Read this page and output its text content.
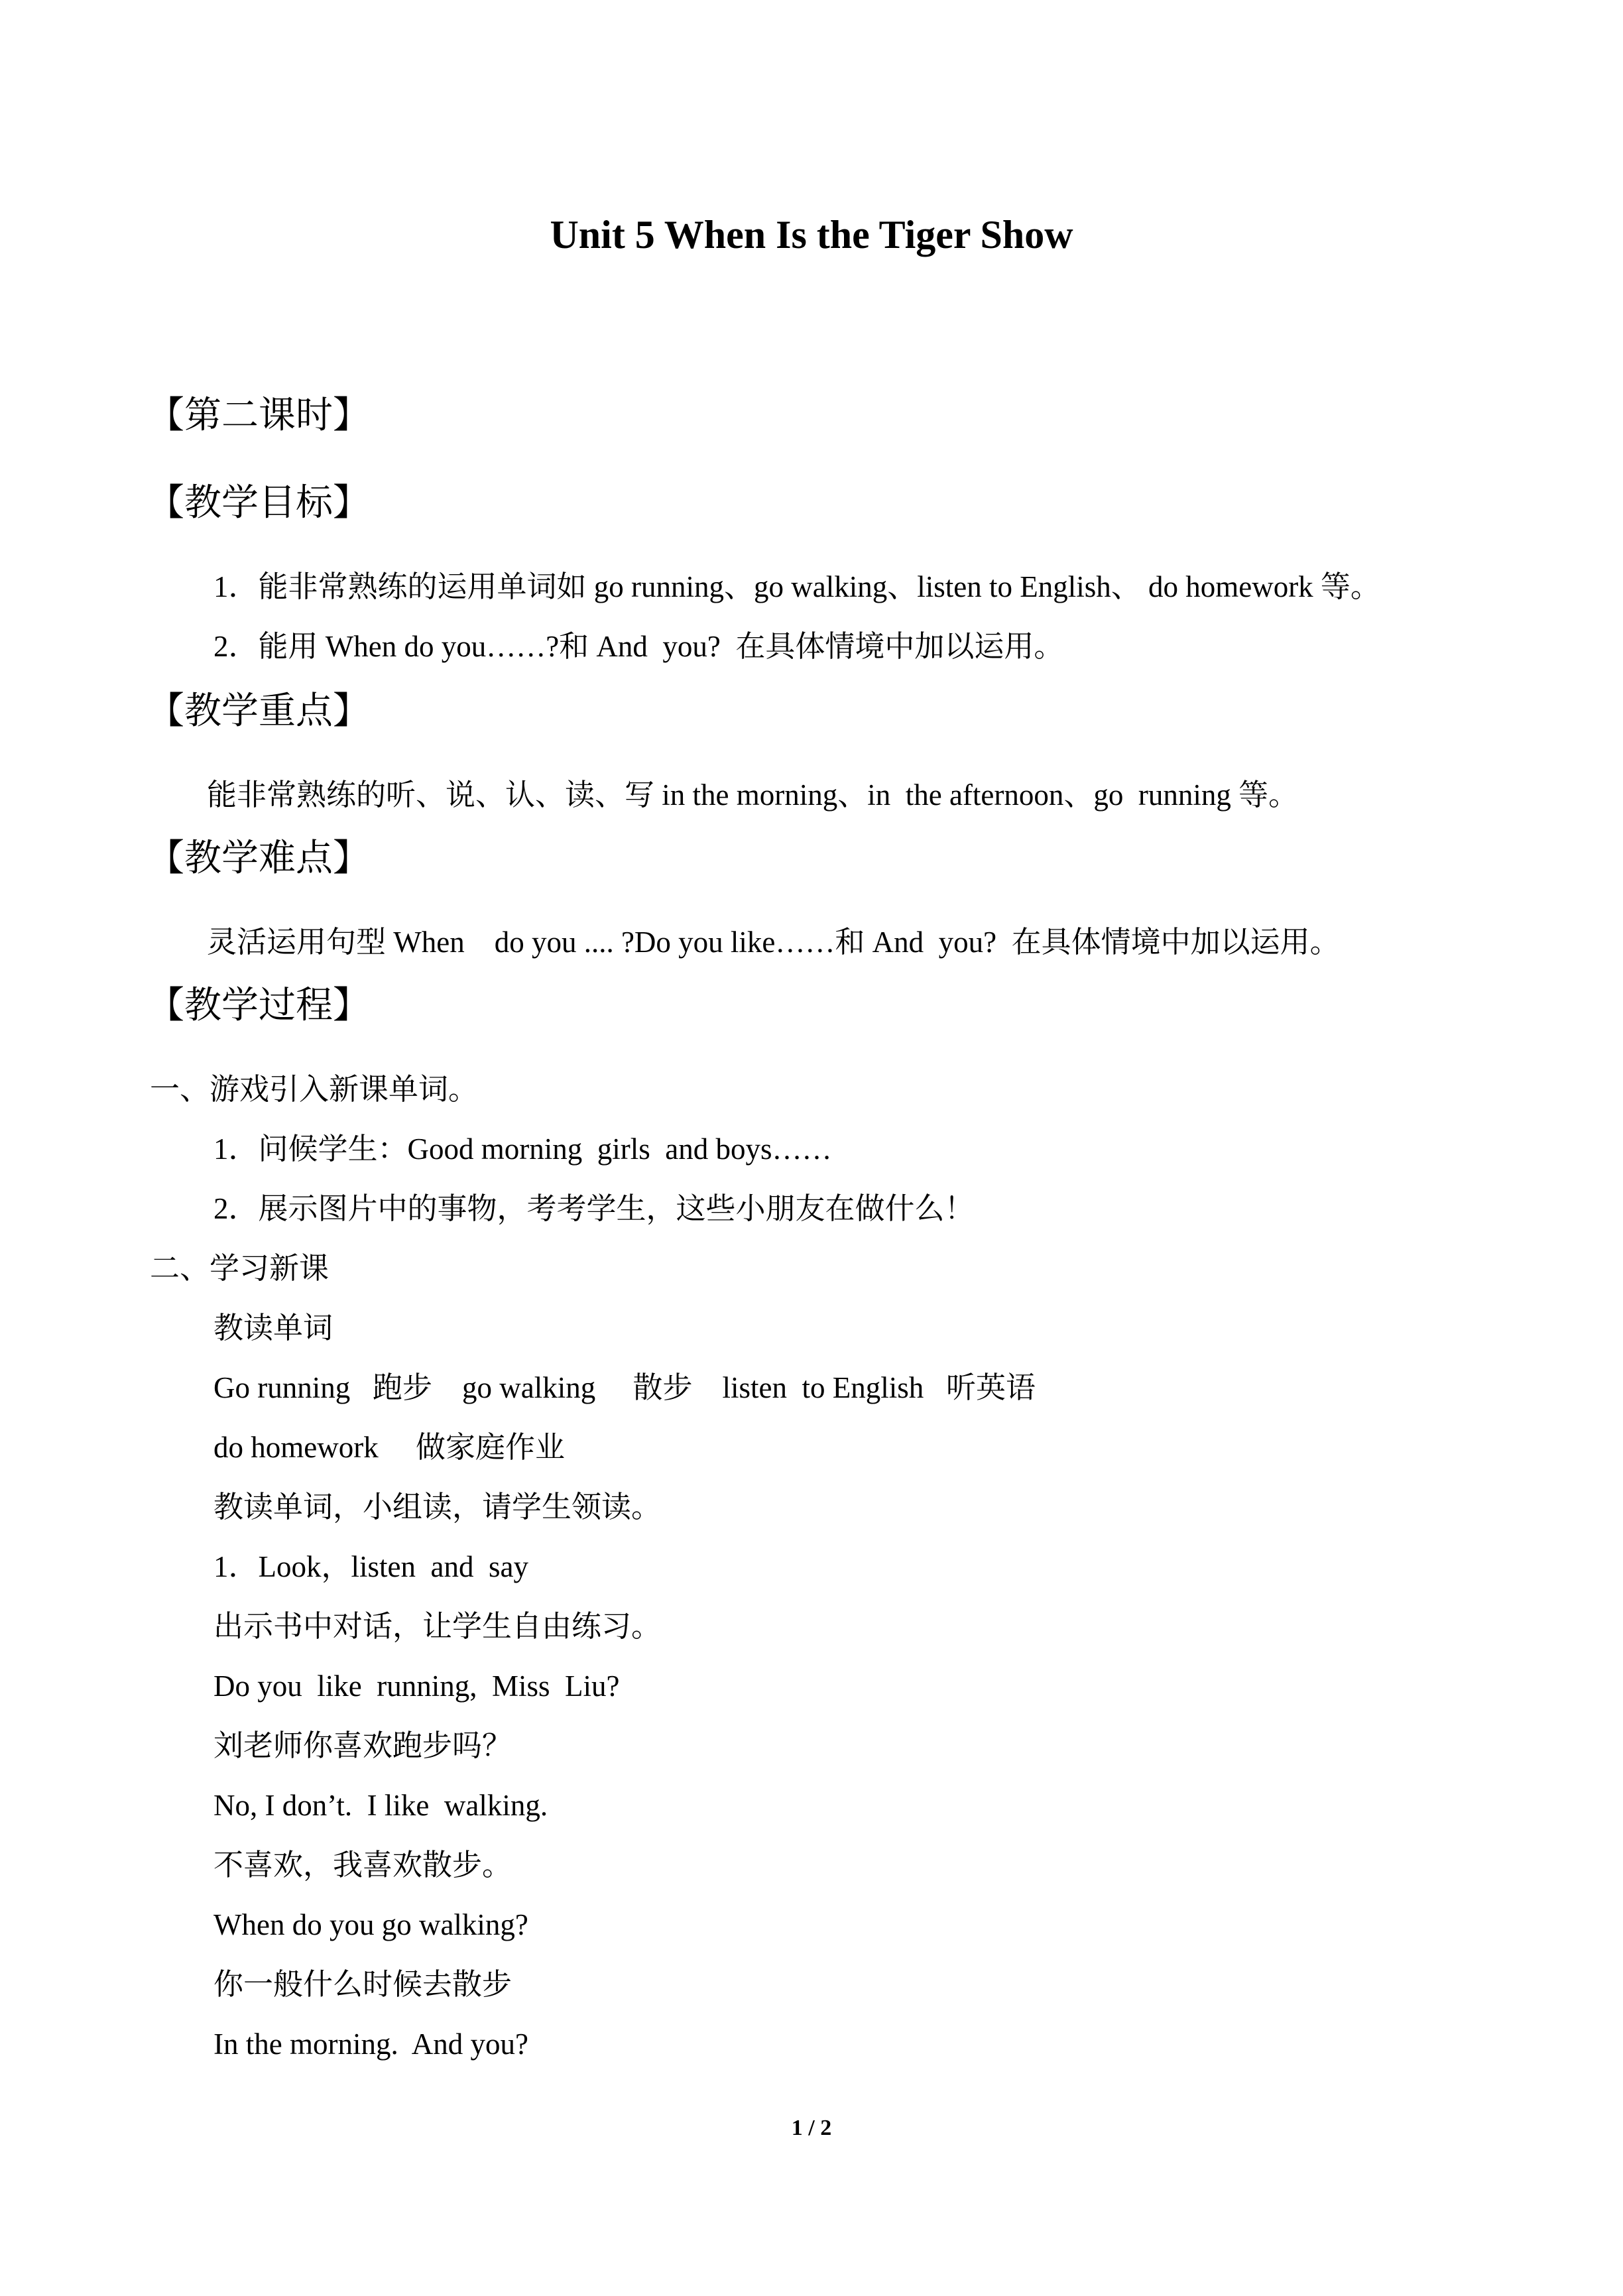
Unit 5 When Is the Tiger Show
【第二课时】
【教学目标】
1．能非常熟练的运用单词如 go running、go walking、listen to English、 do homework 等。
2．能用 When do you……?和 And  you?  在具体情境中加以运用。
【教学重点】
能非常熟练的听、说、认、读、写 in the morning、in  the afternoon、go  running 等。
【教学难点】
灵活运用句型 When    do you .... ?Do you like……和 And  you?  在具体情境中加以运用。
【教学过程】
一、游戏引入新课单词。
1．问候学生：Good morning  girls  and boys……
2．展示图片中的事物，考考学生，这些小朋友在做什么！
二、学习新课
教读单词
Go running   跑步    go walking     散步    listen  to English   听英语
do homework     做家庭作业
教读单词，小组读，请学生领读。
1．Look，listen  and  say
出示书中对话，让学生自由练习。
Do you  like  running,  Miss  Liu?
刘老师你喜欢跑步吗？
No, I don’t.  I like  walking.
不喜欢，我喜欢散步。
When do you go walking?
你一般什么时候去散步
In the morning.  And you?
1 / 2
